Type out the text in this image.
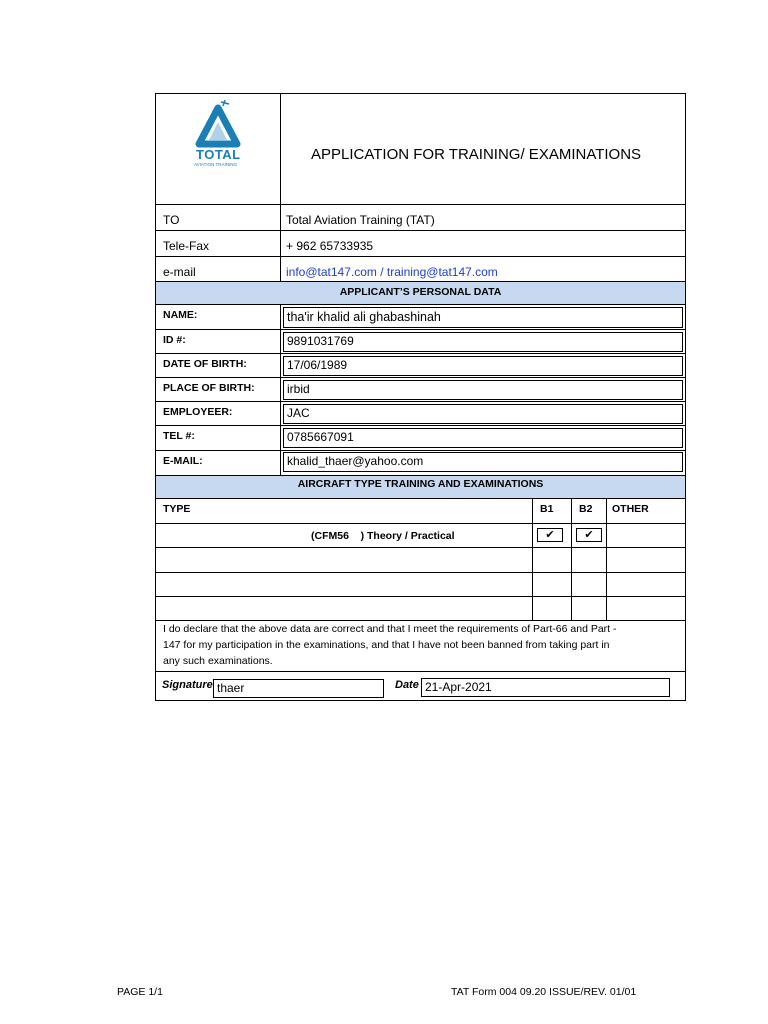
TOTAL
AVIATION TRAINING
APPLICATION FOR TRAINING/ EXAMINATIONS
TO	Total Aviation Training (TAT)
Tele-Fax	+ 962 65733935
e-mail	info@tat147.com / training@tat147.com
APPLICANT’S PERSONAL DATA
NAME:	tha'ir khalid ali ghabashinah
ID #:	9891031769
DATE OF BIRTH:	17/06/1989
PLACE OF BIRTH:	irbid
EMPLOYEER:	JAC
TEL #:	0785667091
E-MAIL:	khalid_thaer@yahoo.com
AIRCRAFT TYPE TRAINING AND EXAMINATIONS
TYPE	B1 B2 OTHER
(CFM56    ) Theory / Practical	✔	✔
I do declare that the above data are correct and that I meet the requirements of Part-66 and Part -
147 for my participation in the examinations, and that I have not been banned from taking part in
any such examinations.
Signature thaer	Date 21-Apr-2021
PAGE 1/1	TAT Form 004 09.20 ISSUE/REV. 01/01
